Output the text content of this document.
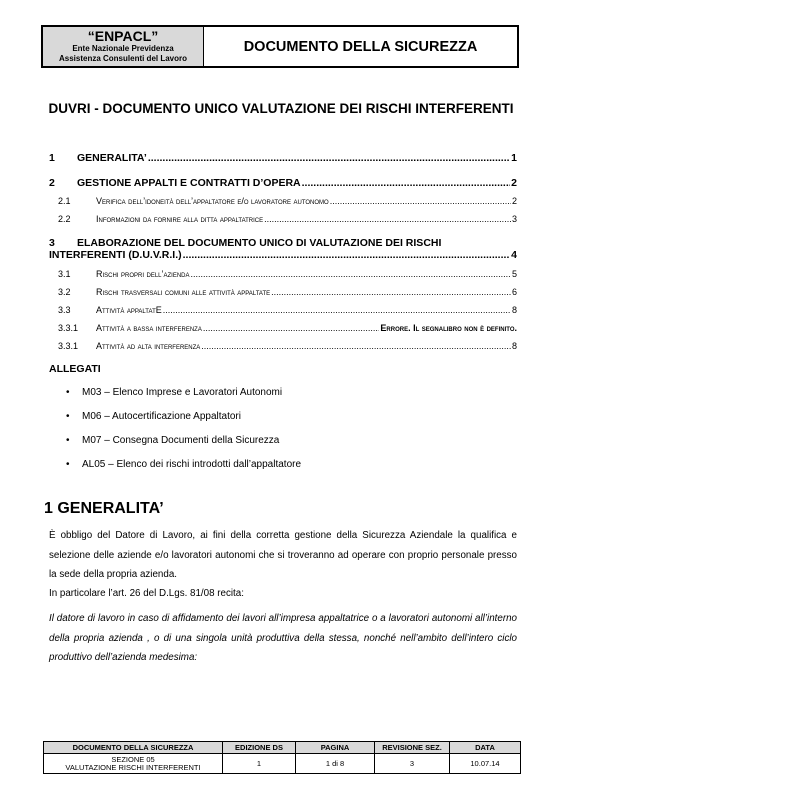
“ENPACL”
Ente Nazionale Previdenza
Assistenza Consulenti del Lavoro
DOCUMENTO DELLA SICUREZZA
DUVRI - DOCUMENTO UNICO VALUTAZIONE DEI RISCHI INTERFERENTI
1	GENERALITA’ .....	1
2	GESTIONE APPALTI E CONTRATTI D’OPERA .....	2
2.1	Verifica dell’idoneità dell’appaltatore e/o lavoratore autonomo .....	2
2.2	Informazioni da fornire alla ditta appaltatrice .....	3
3 ELABORAZIONE DEL DOCUMENTO UNICO DI VALUTAZIONE DEI RISCHI
INTERFERENTI (D.U.V.R.I.) .....	4
3.1	Rischi propri dell’azienda .....	5
3.2	Rischi trasversali comuni alle attività appaltate .....	6
3.3	Attività appaltatE .....	8
3.3.1	Attività a bassa interferenza .....	Errore. Il segnalibro non è definito.
3.3.1	Attività ad alta interferenza .....	8
ALLEGATI
•	M03 – Elenco Imprese e Lavoratori Autonomi
•	M06 – Autocertificazione Appaltatori
•	M07 – Consegna Documenti della Sicurezza
•	AL05 – Elenco dei rischi introdotti dall’appaltatore
1 GENERALITA’
È obbligo del Datore di Lavoro, ai fini della corretta gestione della Sicurezza Aziendale la qualifica e selezione delle aziende e/o lavoratori autonomi che si troveranno ad operare con proprio personale presso la sede della propria azienda.
In particolare l’art. 26 del D.Lgs. 81/08 recita:
Il datore di lavoro in caso di affidamento dei lavori all’impresa appaltatrice o a lavoratori autonomi all’interno della propria azienda , o di una singola unità produttiva della stessa, nonché nell’ambito dell’intero ciclo produttivo dell’azienda medesima:
DOCUMENTO DELLA SICUREZZA	EDIZIONE DS	PAGINA	REVISIONE SEZ.	DATA

SEZIONE 05
VALUTAZIONE RISCHI INTERFERENTI	1	1 di 8	3	10.07.14
